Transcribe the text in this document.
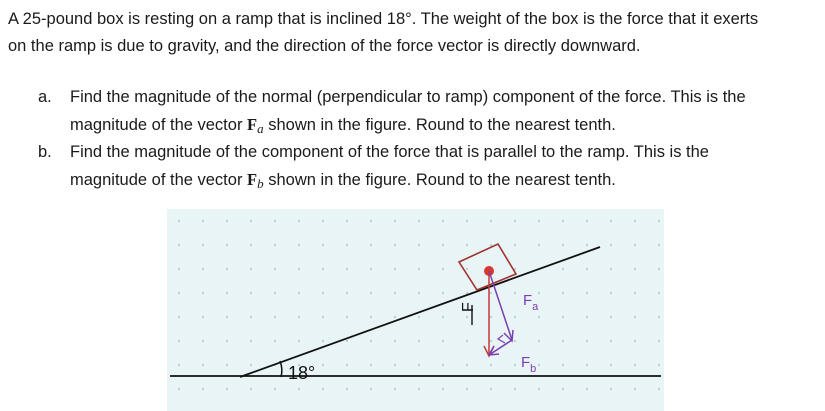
A 25-pound box is resting on a ramp that is inclined 18°. The weight of the box is the force that it exerts
on the ramp is due to gravity, and the direction of the force vector is directly downward.

a.	Find the magnitude of the normal (perpendicular to ramp) component of the force. This is the
magnitude of the vector Fa shown in the figure. Round to the nearest tenth.
b.	Find the magnitude of the component of the force that is parallel to the ramp. This is the
magnitude of the vector Fb shown in the figure. Round to the nearest tenth.
18°
F	$F_a$
$F_b$
